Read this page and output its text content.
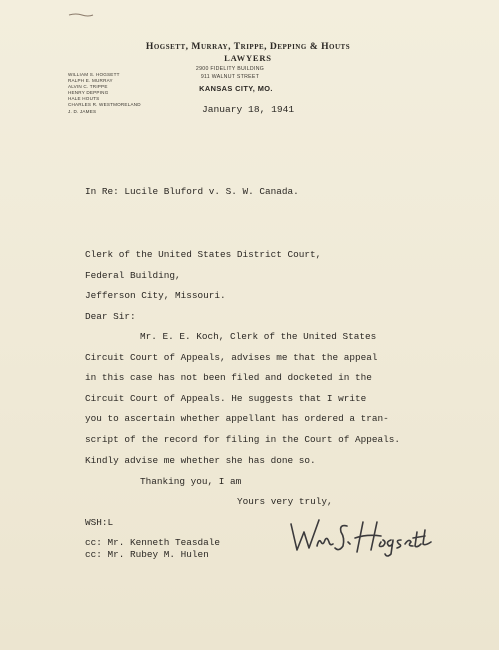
Hogsett, Murray, Trippe, Depping & Houts
LAWYERS
2900 FIDELITY BUILDING
911 WALNUT STREET
KANSAS CITY, MO.
WILLIAM S. HOGSETT
RALPH E. MURRAY
ALVIN C. TRIPPE
HENRY DEPPING
HALE HOUTS
CHARLES R. WESTMORELAND
J. D. JAMES	January 18, 1941
In Re: Lucile Bluford v. S. W. Canada.
Clerk of the United States District Court,
Federal Building,
Jefferson City, Missouri.
Dear Sir:
Mr. E. E. Koch, Clerk of the United States
Circuit Court of Appeals, advises me that the appeal
in this case has not been filed and docketed in the
Circuit Court of Appeals. He suggests that I write
you to ascertain whether appellant has ordered a tran-
script of the record for filing in the Court of Appeals.
Kindly advise me whether she has done so.
Thanking you, I am
Yours very truly,
WSH:L
cc: Mr. Kenneth Teasdale
cc: Mr. Rubey M. Hulen
